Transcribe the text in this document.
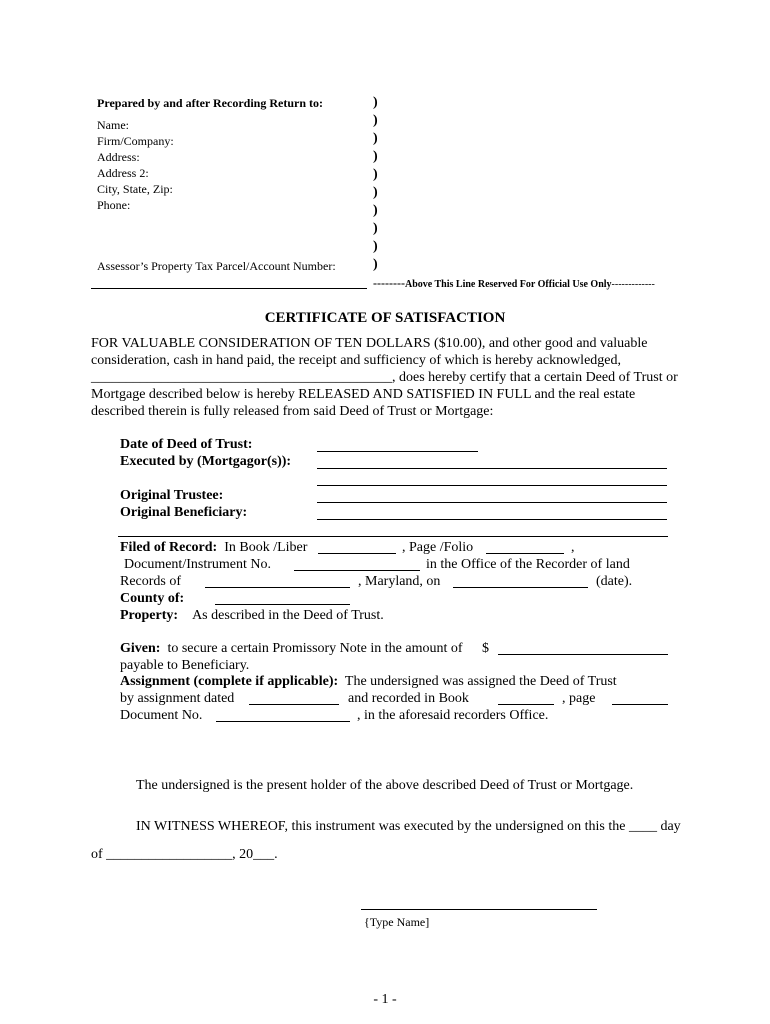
Prepared by and after Recording Return to:
Name:
Firm/Company:
Address:
Address 2:
City, State, Zip:
Phone:
Assessor’s Property Tax Parcel/Account Number:
)
)
)
)
)
)
)
)
)
)
--------Above This Line Reserved For Official Use Only-------------
CERTIFICATE OF SATISFACTION
FOR VALUABLE CONSIDERATION OF TEN DOLLARS ($10.00), and other good and valuable
consideration, cash in hand paid, the receipt and sufficiency of which is hereby acknowledged,
___________________________________________, does hereby certify that a certain Deed of Trust or
Mortgage described below is hereby RELEASED AND SATISFIED IN FULL and the real estate
described therein is fully released from said Deed of Trust or Mortgage:
Date of Deed of Trust:
Executed by (Mortgagor(s)):
Original Trustee:
Original Beneficiary:
Filed of Record: In Book /Liber	, Page /Folio	,
Document/Instrument No.	in the Office of the Recorder of land
Records of	, Maryland, on	(date).
County of:
Property: As described in the Deed of Trust.
Given: to secure a certain Promissory Note in the amount of $
payable to Beneficiary.
Assignment (complete if applicable): The undersigned was assigned the Deed of Trust
by assignment dated	and recorded in Book	, page
Document No.	, in the aforesaid recorders Office.
The undersigned is the present holder of the above described Deed of Trust or Mortgage.
IN WITNESS WHEREOF, this instrument was executed by the undersigned on this the ____ day
of __________________, 20___.
{Type Name]
- 1 -
